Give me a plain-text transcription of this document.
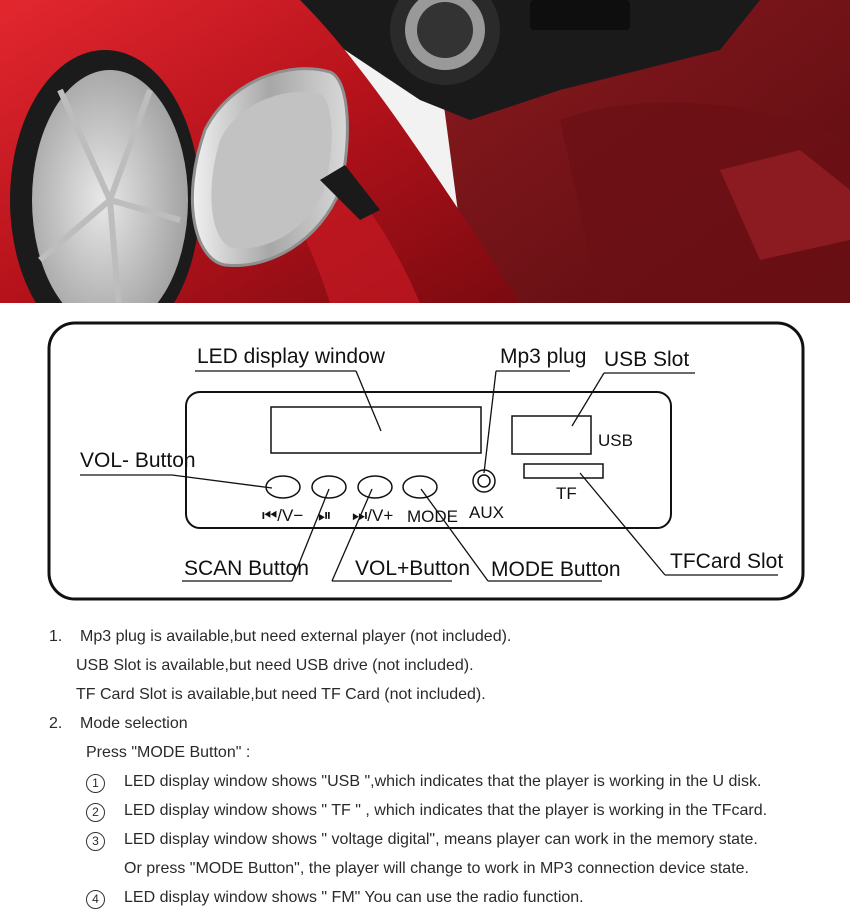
USB
TF
AUX
⏮/V− ⏯ ⏭/V+ MODE
LED display window	Mp3 plug USB Slot
VOL- Button
SCAN Button VOL+Button MODE Button TFCard Slot
1. Mp3 plug is available,but need external player (not included).
USB Slot is available,but need USB drive (not included).
TF Card Slot is available,but need TF Card (not included).
2. Mode selection
Press "MODE Button" :
1	LED display window shows "USB ",which indicates that the player is working in the U disk.
2	LED display window shows " TF " , which indicates that the player is working in the TFcard.
3	LED display window shows " voltage digital", means player can work in the memory state.
Or press "MODE Button", the player will change to work in MP3 connection device state.
4	LED display window shows " FM" You can use the radio function.
